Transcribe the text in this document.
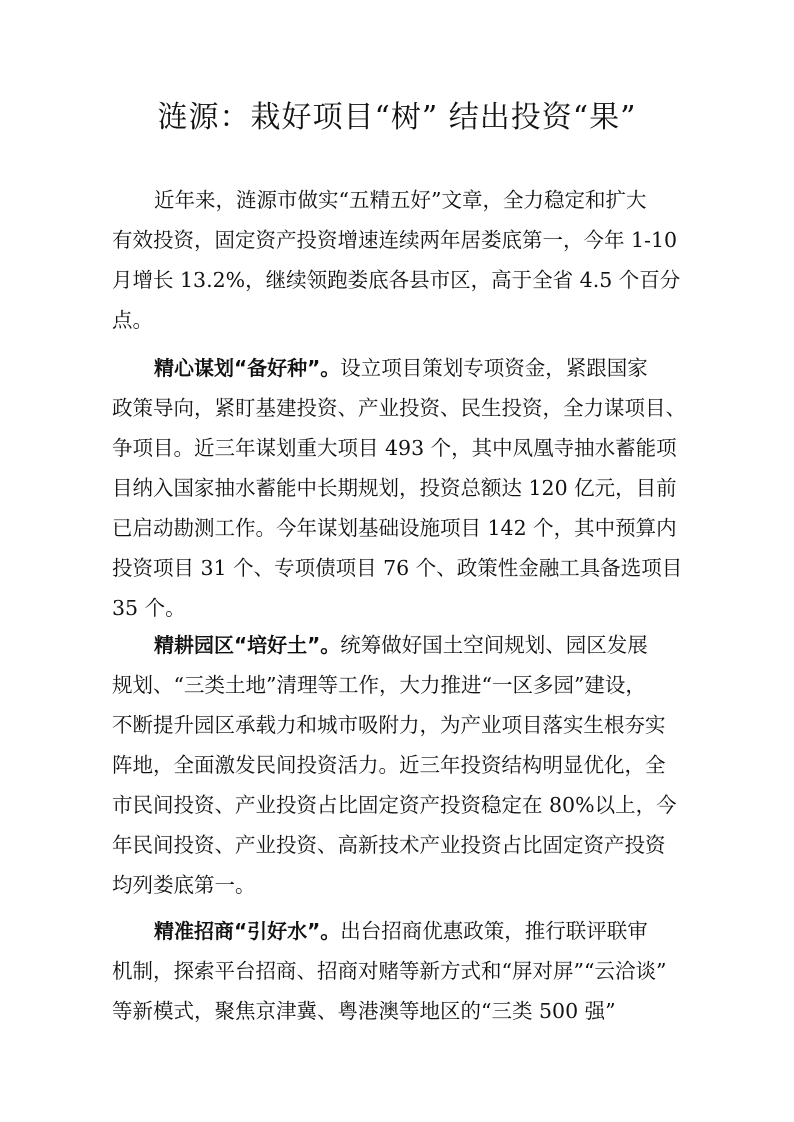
涟源：栽好项目“树” 结出投资“果”
近年来，涟源市做实“五精五好”文章，全力稳定和扩大
有效投资，固定资产投资增速连续两年居娄底第一，今年 1-10
月增长 13.2%，继续领跑娄底各县市区，高于全省 4.5 个百分
点。
精心谋划“备好种”。设立项目策划专项资金，紧跟国家
政策导向，紧盯基建投资、产业投资、民生投资，全力谋项目、
争项目。近三年谋划重大项目 493 个，其中凤凰寺抽水蓄能项
目纳入国家抽水蓄能中长期规划，投资总额达 120 亿元，目前
已启动勘测工作。今年谋划基础设施项目 142 个，其中预算内
投资项目 31 个、专项债项目 76 个、政策性金融工具备选项目
35 个。
精耕园区“培好土”。统筹做好国土空间规划、园区发展
规划、“三类土地”清理等工作，大力推进“一区多园”建设，
不断提升园区承载力和城市吸附力，为产业项目落实生根夯实
阵地，全面激发民间投资活力。近三年投资结构明显优化，全
市民间投资、产业投资占比固定资产投资稳定在 80%以上，今
年民间投资、产业投资、高新技术产业投资占比固定资产投资
均列娄底第一。
精准招商“引好水”。出台招商优惠政策，推行联评联审
机制，探索平台招商、招商对赌等新方式和“屏对屏”“云洽谈”
等新模式，聚焦京津冀、粤港澳等地区的“三类 500 强”
